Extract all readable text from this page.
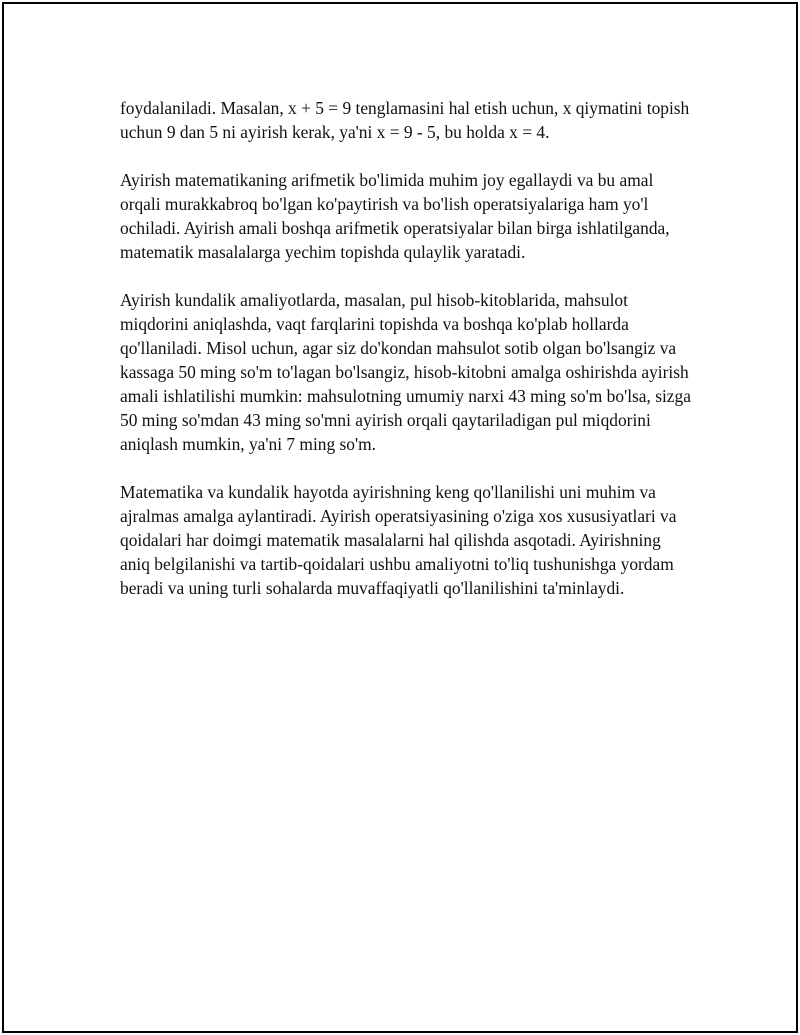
foydalaniladi. Masalan, x + 5 = 9 tenglamasini hal etish uchun, x qiymatini topish uchun 9 dan 5 ni ayirish kerak, ya'ni x = 9 - 5, bu holda x = 4.

Ayirish matematikaning arifmetik bo'limida muhim joy egallaydi va bu amal orqali murakkabroq bo'lgan ko'paytirish va bo'lish operatsiyalariga ham yo'l ochiladi. Ayirish amali boshqa arifmetik operatsiyalar bilan birga ishlatilganda, matematik masalalarga yechim topishda qulaylik yaratadi.

Ayirish kundalik amaliyotlarda, masalan, pul hisob-kitoblarida, mahsulot miqdorini aniqlashda, vaqt farqlarini topishda va boshqa ko'plab hollarda qo'llaniladi. Misol uchun, agar siz do'kondan mahsulot sotib olgan bo'lsangiz va kassaga 50 ming so'm to'lagan bo'lsangiz, hisob-kitobni amalga oshirishda ayirish amali ishlatilishi mumkin: mahsulotning umumiy narxi 43 ming so'm bo'lsa, sizga 50 ming so'mdan 43 ming so'mni ayirish orqali qaytariladigan pul miqdorini aniqlash mumkin, ya'ni 7 ming so'm.

Matematika va kundalik hayotda ayirishning keng qo'llanilishi uni muhim va ajralmas amalga aylantiradi. Ayirish operatsiyasining o'ziga xos xususiyatlari va qoidalari har doimgi matematik masalalarni hal qilishda asqotadi. Ayirishning aniq belgilanishi va tartib-qoidalari ushbu amaliyotni to'liq tushunishga yordam beradi va uning turli sohalarda muvaffaqiyatli qo'llanilishini ta'minlaydi.
